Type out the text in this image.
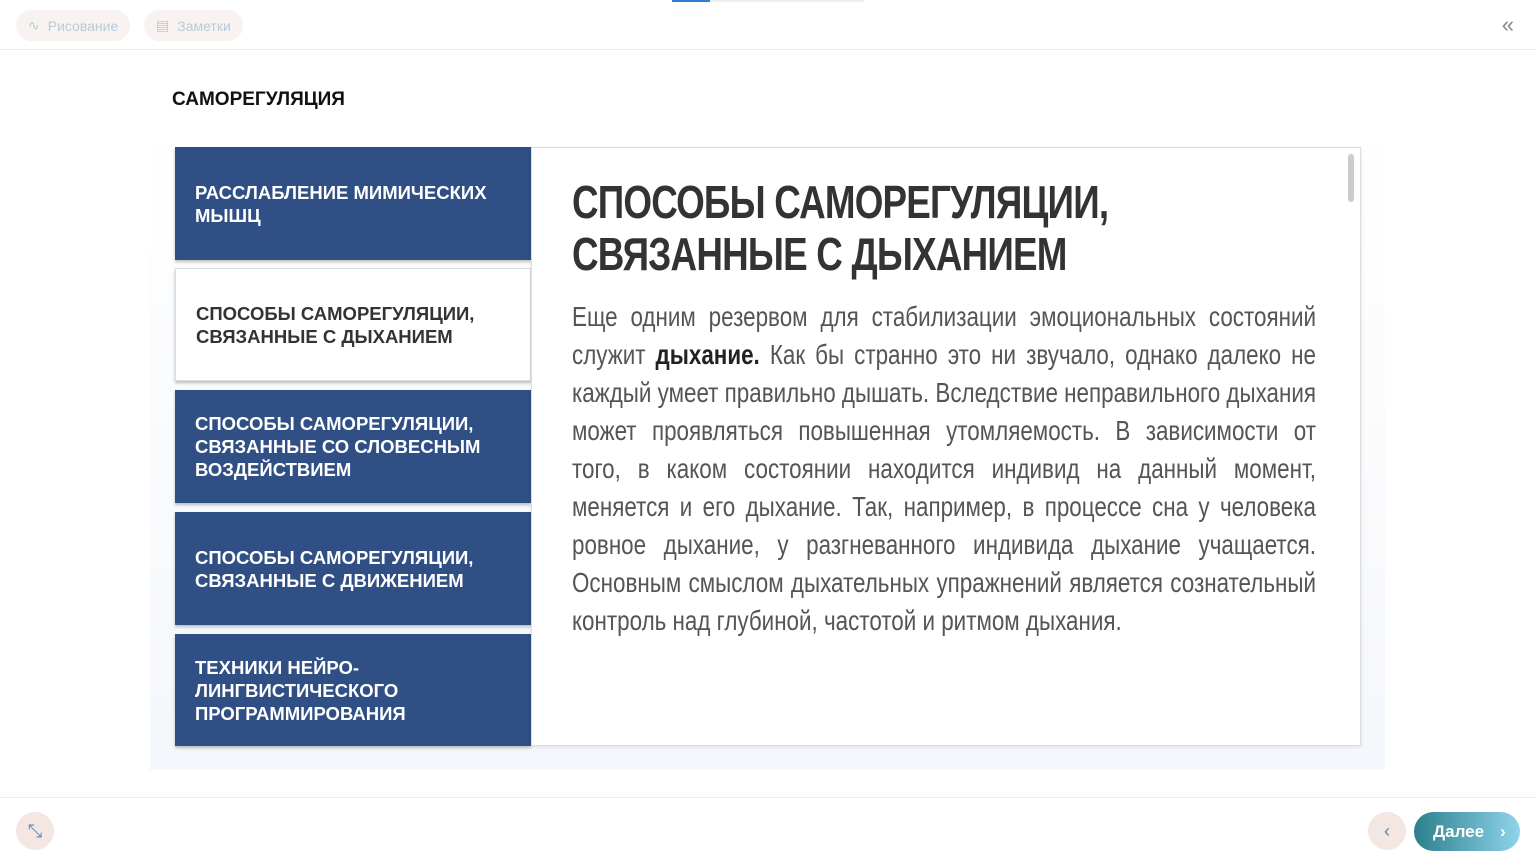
∿ Рисование	▤ Заметки	«
САМОРЕГУЛЯЦИЯ
РАССЛАБЛЕНИЕ МИМИЧЕСКИХ МЫШЦ
СПОСОБЫ САМОРЕГУЛЯЦИИ, СВЯЗАННЫЕ С ДЫХАНИЕМ
СПОСОБЫ САМОРЕГУЛЯЦИИ, СВЯЗАННЫЕ СО СЛОВЕСНЫМ ВОЗДЕЙСТВИЕМ
СПОСОБЫ САМОРЕГУЛЯЦИИ, СВЯЗАННЫЕ С ДВИЖЕНИЕМ
ТЕХНИКИ НЕЙРО-ЛИНГВИСТИЧЕСКОГО ПРОГРАММИРОВАНИЯ
СПОСОБЫ САМОРЕГУЛЯЦИИ, СВЯЗАННЫЕ С ДЫХАНИЕМ
Еще одним резервом для стабилизации эмоциональных состояний служит дыхание. Как бы странно это ни звучало, однако далеко не каждый умеет правильно дышать. Вследствие неправильного дыхания может проявляться повышенная утомляемость. В зависимости от того, в каком состоянии находится индивид на данный момент, меняется и его дыхание. Так, например, в процессе сна у человека ровное дыхание, у разгневанного индивида дыхание учащается. Основным смыслом дыхательных упражнений является сознательный контроль над глубиной, частотой и ритмом дыхания.
⤡	‹	Далее ›
